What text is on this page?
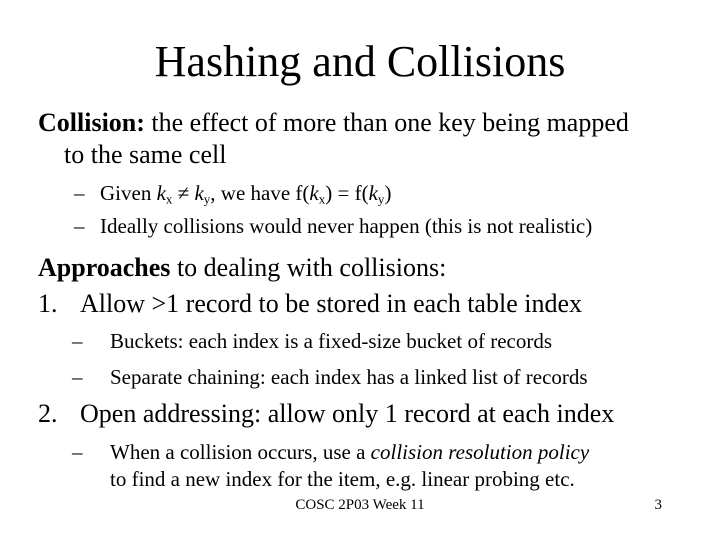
Hashing and Collisions
Collision: the effect of more than one key being mapped
to the same cell
– Given $k_x \ne k_y$, we have $f(k_x) = f(k_y)$
– Ideally collisions would never happen (this is not realistic)
Approaches to dealing with collisions:
1. Allow >1 record to be stored in each table index
– Buckets: each index is a fixed-size bucket of records
– Separate chaining: each index has a linked list of records
2. Open addressing: allow only 1 record at each index
– When a collision occurs, use a collision resolution policy
to find a new index for the item, e.g. linear probing etc.
COSC 2P03 Week 11	3
